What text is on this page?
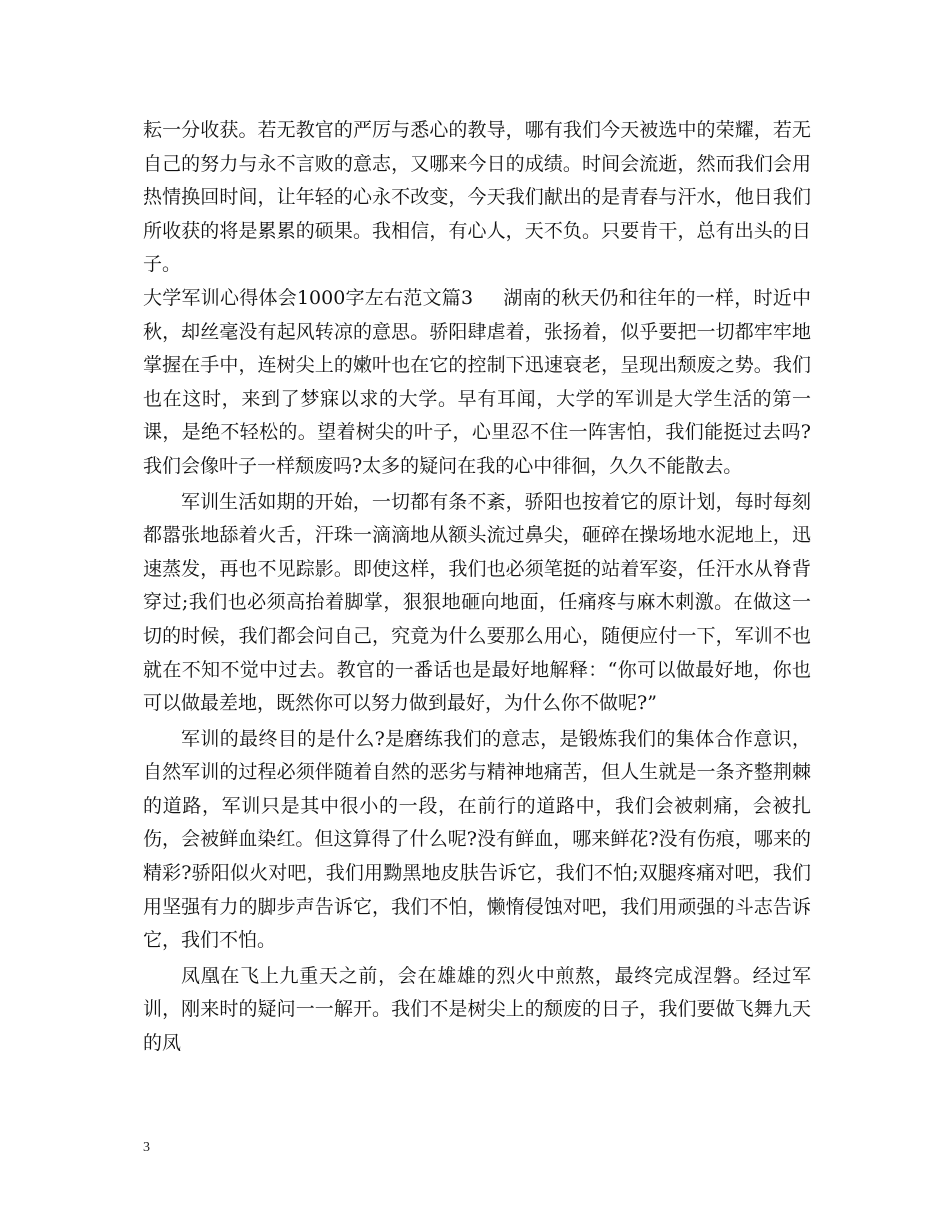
耘一分收获。若无教官的严厉与悉心的教导，哪有我们今天被选中的荣耀，若无自己的努力与永不言败的意志，又哪来今日的成绩。时间会流逝，然而我们会用热情换回时间，让年轻的心永不改变，今天我们献出的是青春与汗水，他日我们所收获的将是累累的硕果。我相信，有心人，天不负。只要肯干，总有出头的日子。

大学军训心得体会1000字左右范文篇3 湖南的秋天仍和往年的一样，时近中秋，却丝毫没有起风转凉的意思。骄阳肆虐着，张扬着，似乎要把一切都牢牢地掌握在手中，连树尖上的嫩叶也在它的控制下迅速衰老，呈现出颓废之势。我们也在这时，来到了梦寐以求的大学。早有耳闻，大学的军训是大学生活的第一课，是绝不轻松的。望着树尖的叶子，心里忍不住一阵害怕，我们能挺过去吗?我们会像叶子一样颓废吗?太多的疑问在我的心中徘徊，久久不能散去。

军训生活如期的开始，一切都有条不紊，骄阳也按着它的原计划，每时每刻都嚣张地舔着火舌，汗珠一滴滴地从额头流过鼻尖，砸碎在操场地水泥地上，迅速蒸发，再也不见踪影。即使这样，我们也必须笔挺的站着军姿，任汗水从脊背穿过;我们也必须高抬着脚掌，狠狠地砸向地面，任痛疼与麻木刺激。在做这一切的时候，我们都会问自己，究竟为什么要那么用心，随便应付一下，军训不也就在不知不觉中过去。教官的一番话也是最好地解释：“你可以做最好地，你也可以做最差地，既然你可以努力做到最好，为什么你不做呢?”

军训的最终目的是什么?是磨练我们的意志，是锻炼我们的集体合作意识，自然军训的过程必须伴随着自然的恶劣与精神地痛苦，但人生就是一条齐整荆棘的道路，军训只是其中很小的一段，在前行的道路中，我们会被刺痛，会被扎伤，会被鲜血染红。但这算得了什么呢?没有鲜血，哪来鲜花?没有伤痕，哪来的精彩?骄阳似火对吧，我们用黝黑地皮肤告诉它，我们不怕;双腿疼痛对吧，我们用坚强有力的脚步声告诉它，我们不怕，懒惰侵蚀对吧，我们用顽强的斗志告诉它，我们不怕。

凤凰在飞上九重天之前，会在雄雄的烈火中煎熬，最终完成涅磐。经过军训，刚来时的疑问一一解开。我们不是树尖上的颓废的日子，我们要做飞舞九天的凤

3
